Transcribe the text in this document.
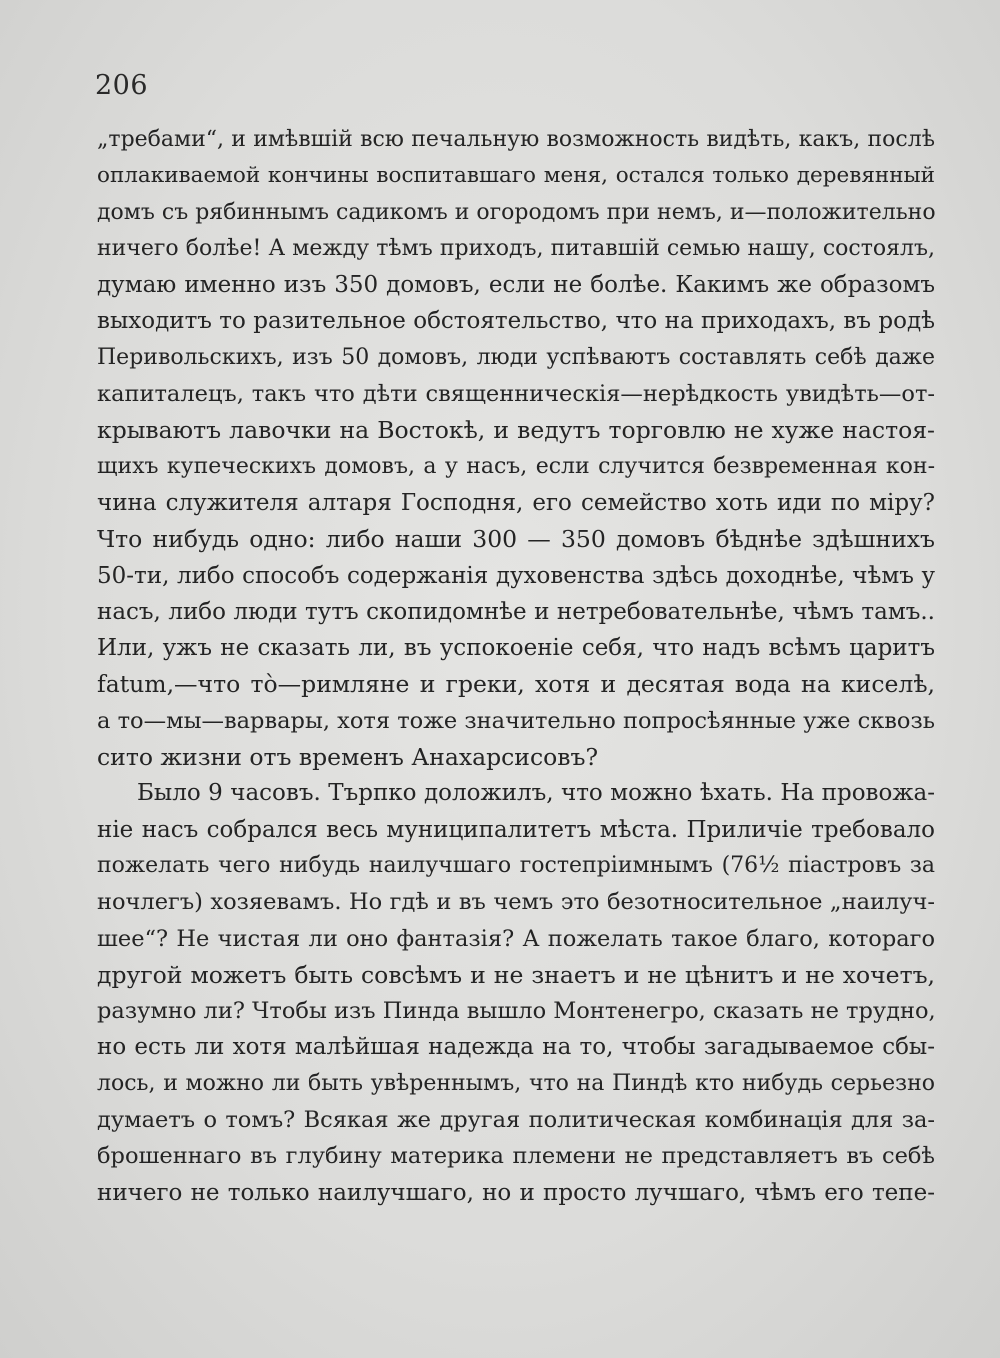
206
„требами“, и имѣвшій всю печальную возможность видѣть, какъ, послѣ
оплакиваемой кончины воспитавшаго меня, остался только деревянный
домъ съ рябиннымъ садикомъ и огородомъ при немъ, и—положительно
ничего болѣе! А между тѣмъ приходъ, питавшій семью нашу, состоялъ,
думаю именно изъ 350 домовъ, если не болѣе. Какимъ же образомъ
выходитъ то разительное обстоятельство, что на приходахъ, въ родѣ
Перивольскихъ, изъ 50 домовъ, люди успѣваютъ составлять себѣ даже
капиталецъ, такъ что дѣти священническія—нерѣдкость увидѣть—от-
крываютъ лавочки на Востокѣ, и ведутъ торговлю не хуже настоя-
щихъ купеческихъ домовъ, а у насъ, если случится безвременная кон-
чина служителя алтаря Господня, его семейство хоть иди по міру?
Что нибудь одно: либо наши 300 — 350 домовъ бѣднѣе здѣшнихъ
50-ти, либо способъ содержанія духовенства здѣсь доходнѣе, чѣмъ у
насъ, либо люди тутъ скопидомнѣе и нетребовательнѣе, чѣмъ тамъ..
Или, ужъ не сказать ли, въ успокоеніе себя, что надъ всѣмъ царитъ
fatum,—что тò—римляне и греки, хотя и десятая вода на киселѣ,
а то—мы—варвары, хотя тоже значительно попросѣянные уже сквозь
сито жизни отъ временъ Анахарсисовъ?
Было 9 часовъ. Търпко доложилъ, что можно ѣхать. На провожа-
ніе насъ собрался весь муниципалитетъ мѣста. Приличіе требовало
пожелать чего нибудь наилучшаго гостепріимнымъ (76½ піастровъ за
ночлегъ) хозяевамъ. Но гдѣ и въ чемъ это безотносительное „наилуч-
шее“? Не чистая ли оно фантазія? А пожелать такое благо, котораго
другой можетъ быть совсѣмъ и не знаетъ и не цѣнитъ и не хочетъ,
разумно ли? Чтобы изъ Пинда вышло Монтенегро, сказать не трудно,
но есть ли хотя малѣйшая надежда на то, чтобы загадываемое сбы-
лось, и можно ли быть увѣреннымъ, что на Пиндѣ кто нибудь серьезно
думаетъ о томъ? Всякая же другая политическая комбинація для за-
брошеннаго въ глубину материка племени не представляетъ въ себѣ
ничего не только наилучшаго, но и просто лучшаго, чѣмъ его тепе-
